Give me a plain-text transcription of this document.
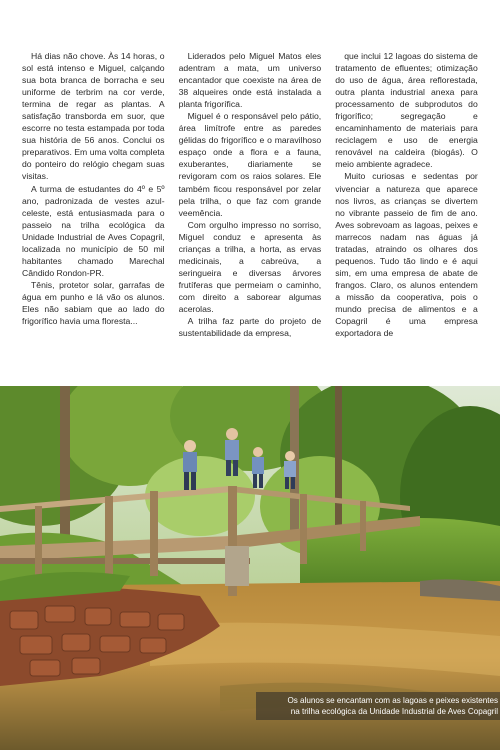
Há dias não chove. Às 14 horas, o sol está intenso e Miguel, calçando sua bota branca de borracha e seu uniforme de terbrim na cor verde, termina de regar as plantas. A satisfação transborda em suor, que escorre no testa estampada por toda sua história de 56 anos. Conclui os preparativos. Em uma volta completa do ponteiro do relógio chegam suas visitas.

A turma de estudantes do 4º e 5º ano, padronizada de vestes azul-celeste, está entusiasmada para o passeio na trilha ecológica da Unidade Industrial de Aves Copagril, localizada no município de 50 mil habitantes chamado Marechal Cândido Rondon-PR.

Tênis, protetor solar, garrafas de água em punho e lá vão os alunos. Eles não sabiam que ao lado do frigorífico havia uma floresta...

Liderados pelo Miguel Matos eles adentram a mata, um universo encantador que coexiste na área de 38 alqueires onde está instalada a planta frigorífica.

Miguel é o responsável pelo pátio, área limítrofe entre as paredes gélidas do frigorífico e o maravilhoso espaço onde a flora e a fauna, exuberantes, diariamente se revigoram com os raios solares. Ele também ficou responsável por zelar pela trilha, o que faz com grande veemência.

Com orgulho impresso no sorriso, Miguel conduz e apresenta às crianças a trilha, a horta, as ervas medicinais, a cabreúva, a seringueira e diversas árvores frutíferas que permeiam o caminho, com direito a saborear algumas acerolas.

A trilha faz parte do projeto de sustentabilidade da empresa,

que inclui 12 lagoas do sistema de tratamento de efluentes; otimização do uso de água, área reflorestada, outra planta industrial anexa para processamento de subprodutos do frigorífico; segregação e encaminhamento de materiais para reciclagem e uso de energia renovável na caldeira (biogás). O meio ambiente agradece.

Muito curiosas e sedentas por vivenciar a natureza que aparece nos livros, as crianças se divertem no vibrante passeio de fim de ano. Aves sobrevoam as lagoas, peixes e marrecos nadam nas águas já tratadas, atraindo os olhares dos pequenos. Tudo tão lindo e é aqui sim, em uma empresa de abate de frangos. Claro, os alunos entendem a missão da cooperativa, pois o mundo precisa de alimentos e a Copagril é uma empresa exportadora de

Os alunos se encantam com as lagoas e peixes existentes
na trilha ecológica da Unidade Industrial de Aves Copagril
